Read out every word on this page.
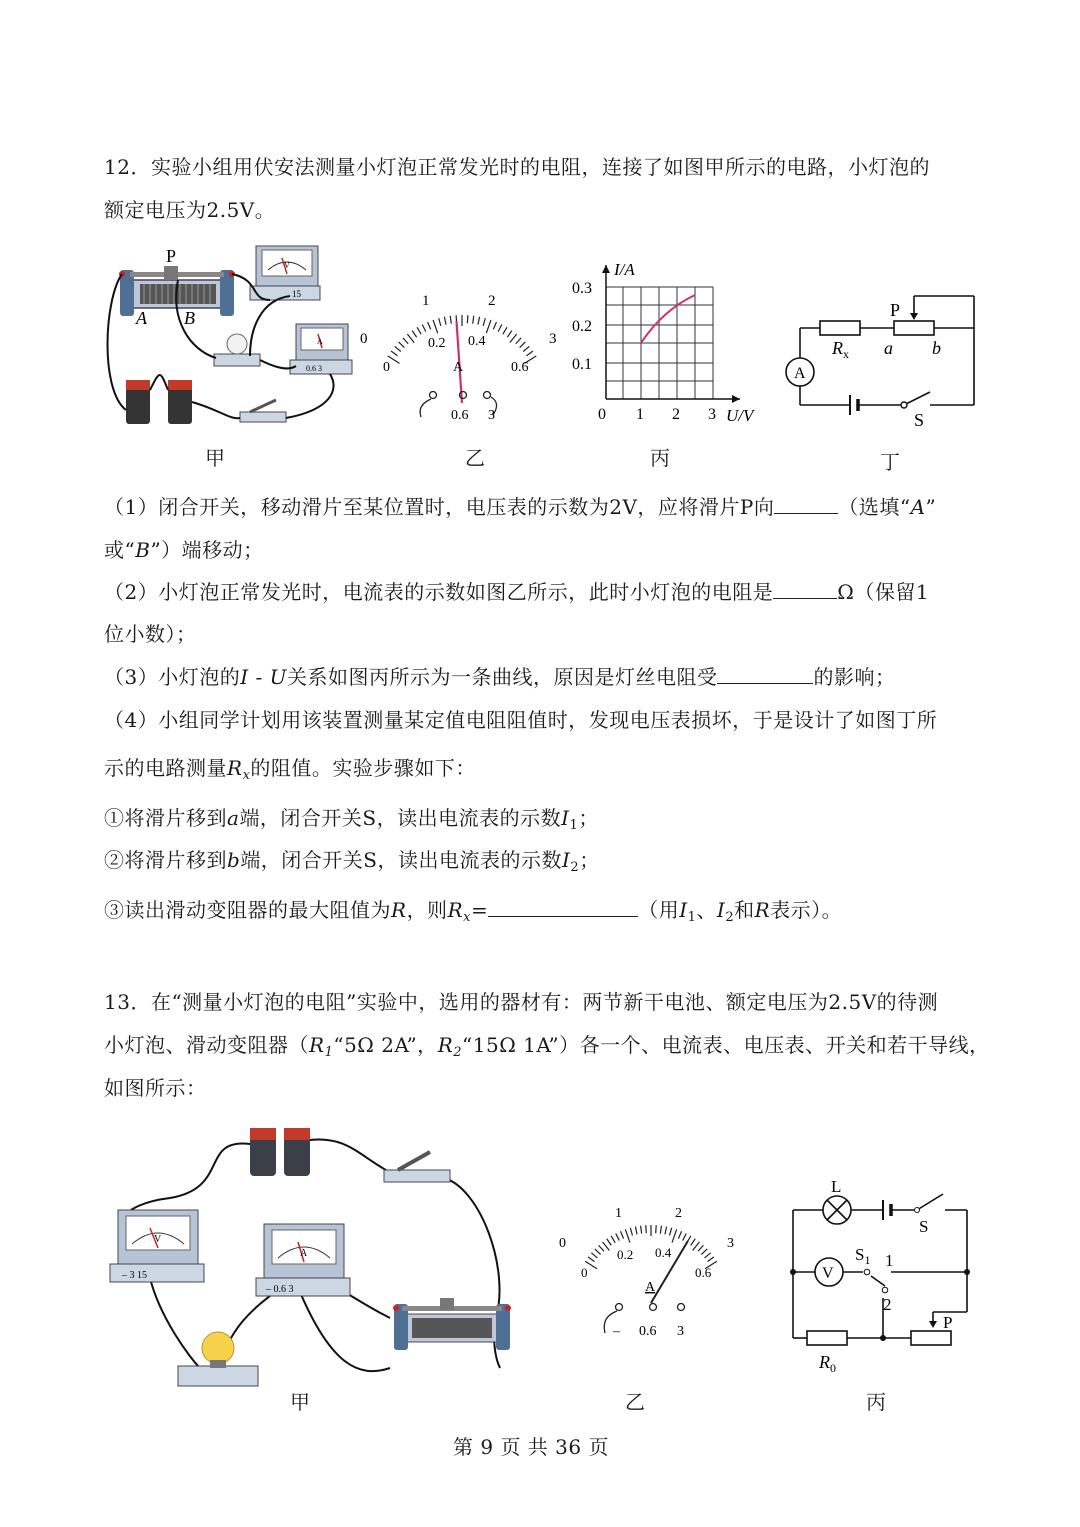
12．实验小组用伏安法测量小灯泡正常发光时的电阻，连接了如图甲所示的电路，小灯泡的
额定电压为2.5V。
P
A B
V
15
A
0.6 3
甲
0
1	2
3
0
0.2 0.4
0.6
A
0.6 3
乙
I/A
0.1
0.2
0.3
0 1 2 3 U/V
丙
A
$R_x$
P
a b
S
丁
（1）闭合开关，移动滑片至某位置时，电压表的示数为2V，应将滑片P向	（选填“A”
或“B”）端移动；
（2）小灯泡正常发光时，电流表的示数如图乙所示，此时小灯泡的电阻是	Ω（保留1
位小数）；
（3）小灯泡的I - U关系如图丙所示为一条曲线，原因是灯丝电阻受	的影响；
（4）小组同学计划用该装置测量某定值电阻阻值时，发现电压表损坏，于是设计了如图丁所
示的电路测量$R_x$的阻值。实验步骤如下：
①将滑片移到a端，闭合开关S，读出电流表的示数$I_1$；
②将滑片移到b端，闭合开关S，读出电流表的示数$I_2$；
③读出滑动变阻器的最大阻值为R，则$R_x=$	（用$I_1$、$I_2$和R表示）。
13．在“测量小灯泡的电阻”实验中，选用的器材有：两节新干电池、额定电压为2.5V的待测
小灯泡、滑动变阻器（$R_1“5\Omega$ 2A”，$R_2“15\Omega$ 1A”）各一个、电流表、电压表、开关和若干导线，
如图所示：
V
– 3 15
A
– 0.6 3
甲
0
1	2
3
0
0.2 0.4
0.6
A
– 0.6 3
乙
L
S
V
$S_1$ 1
2
$R_0$
P
丙
第 9 页 共 36 页
